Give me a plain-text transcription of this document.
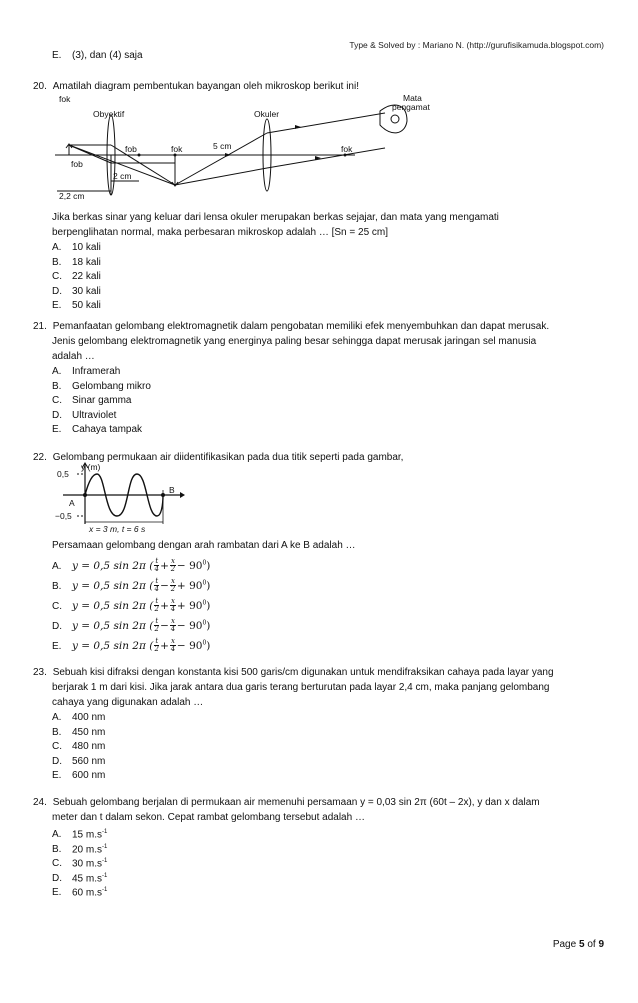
Type & Solved by : Mariano N. (http://gurufisikamuda.blogspot.com)
E. (3), dan (4) saja
20. Amatilah diagram pembentukan bayangan oleh mikroskop berikut ini!
fok
Obyektif	Okuler
Mata
pengamat
fob	fok	5 cm	fok
fob
2 cm
2,2 cm
Jika berkas sinar yang keluar dari lensa okuler merupakan berkas sejajar, dan mata yang mengamati
berpenglihatan normal, maka perbesaran mikroskop adalah … [Sn = 25 cm]
A. 10 kali
B. 18 kali
C. 22 kali
D. 30 kali
E. 50 kali
21. Pemanfaatan gelombang elektromagnetik dalam pengobatan memiliki efek menyembuhkan dan dapat merusak.
Jenis gelombang elektromagnetik yang energinya paling besar sehingga dapat merusak jaringan sel manusia
adalah …
A. Inframerah
B. Gelombang mikro
C. Sinar gamma
D. Ultraviolet
E. Cahaya tampak
22. Gelombang permukaan air diidentifikasikan pada dua titik seperti pada gambar,
y (m)
0,5
−0,5
A
B
x = 3 m, t = 6 s
Persamaan gelombang dengan arah rambatan dari A ke B adalah …
A. y = 0,5 sin 2π ( $\frac{t}{4} + \frac{x}{2} - 90^0$)
B. y = 0,5 sin 2π ( $\frac{t}{4} - \frac{x}{2} + 90^0$)
C. y = 0,5 sin 2π ( $\frac{t}{2} + \frac{x}{4} + 90^0$)
D. y = 0,5 sin 2π ( $\frac{t}{2} - \frac{x}{4} - 90^0$)
E. y = 0,5 sin 2π ( $\frac{t}{2} + \frac{x}{4} - 90^0$)
23. Sebuah kisi difraksi dengan konstanta kisi 500 garis/cm digunakan untuk mendifraksikan cahaya pada layar yang
berjarak 1 m dari kisi. Jika jarak antara dua garis terang berturutan pada layar 2,4 cm, maka panjang gelombang
cahaya yang digunakan adalah …
A. 400 nm
B. 450 nm
C. 480 nm
D. 560 nm
E. 600 nm
24. Sebuah gelombang berjalan di permukaan air memenuhi persamaan y = 0,03 sin 2π (60t – 2x), y dan x dalam
meter dan t dalam sekon. Cepat rambat gelombang tersebut adalah …
A. 15 $m.s^{-1}$
B. 20 $m.s^{-1}$
C. 30 $m.s^{-1}$
D. 45 $m.s^{-1}$
E. 60 $m.s^{-1}$
Page 5 of 9
